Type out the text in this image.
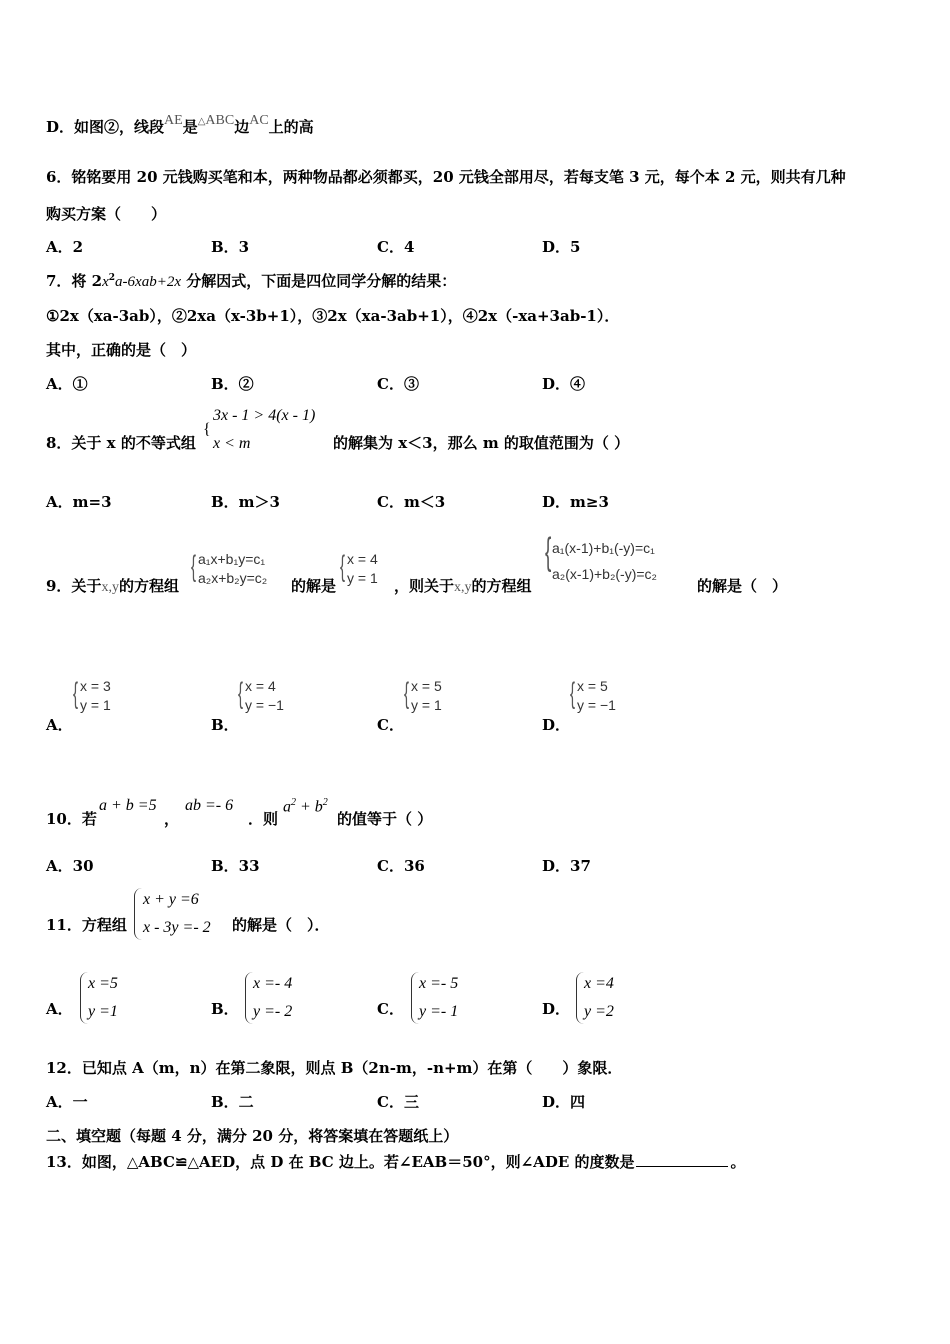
D．如图②，线段AE是△ABC边AC上的高
6．铭铭要用 20 元钱购买笔和本，两种物品都必须都买，20 元钱全部用尽，若每支笔 3 元，每个本 2 元，则共有几种
购买方案（　　）
A．2	B．3	C．4	D．5
7．将 $2x^2a-6xab+2x$ 分解因式，下面是四位同学分解的结果：
①2x（xa-3ab），②2xa（x-3b+1），③2x（xa-3ab+1），④2x（-xa+3ab-1）．
其中，正确的是（　）
A．①	B．②	C．③	D．④
8．关于 x 的不等式组
{
3x - 1 > 4(x - 1)
x < m	的解集为 x＜3，那么 m 的取值范围为（ ）
A．m=3	B．m＞3	C．m＜3	D．m≥3
9．关于x,y的方程组
{ a₁x+b₁y=c₁
a₂x+b₂y=c₂ 的解是
{ x = 4
y = 1 ，则关于x,y的方程组
{ a₁(x-1)+b₁(-y)=c₁
a₂(x-1)+b₂(-y)=c₂
的解是（　）
A．
{ x = 3
y = 1
B．
{ x = 4
y = −1
C．
{ x = 5
y = 1
D．
{ x = 5
y = −1
10．若
a + b =5
，
ab =- 6
．则
$a^2 + b^2$
的值等于（ ）
A．30	B．33	C．36	D．37
11．方程组
x + y =6
x - 3y =- 2 的解是（　）．
A．
x =5
y =1	B．
x =- 4
y =- 2	C．
x =- 5
y =- 1	D．
x =4
y =2
12．已知点 A（m，n）在第二象限，则点 B（2n-m，-n+m）在第（　　）象限．
A．一	B．二	C．三	D．四
二、填空题（每题 4 分，满分 20 分，将答案填在答题纸上）
13．如图，△ABC≌△AED，点 D 在 BC 边上。若∠EAB＝50°，则∠ADE 的度数是	。
